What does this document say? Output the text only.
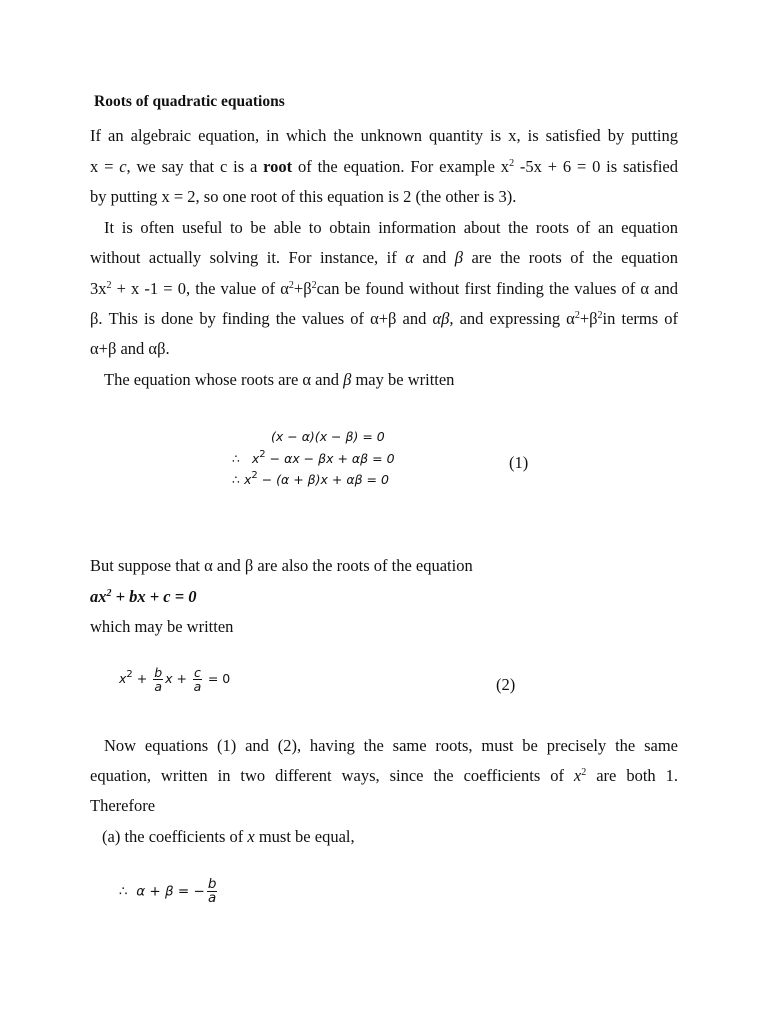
Roots of quadratic equations
If an algebraic equation, in which the unknown quantity is x, is satisfied by putting
x = c, we say that c is a root of the equation. For example $x^2$ -5x + 6 = 0 is satisfied
by putting x = 2, so one root of this equation is 2 (the other is 3).
It is often useful to be able to obtain information about the roots of an equation
without actually solving it. For instance, if α and β are the roots of the equation
$3x^2 + x$ -1 = 0, the value of $\alpha^2+\beta^2can$ be found without first finding the values of α and
β. This is done by finding the values of α+β and αβ, and expressing $\alpha^2+\beta^2in$ terms of
α+β and αβ.
The equation whose roots are α and β may be written
(x − α)(x − β) = 0
∴ $x^2 - \alpha x - \beta x + \alpha\beta = 0$
∴ $x^2 - (\alpha + \beta)x + \alpha\beta = 0$
(1)
But suppose that α and β are also the roots of the equation
$ax^2$ + bx + c = 0
which may be written
$x^2 + \frac{b}{a}$ $x + \frac{c}{a} = 0$	(2)
Now equations (1) and (2), having the same roots, must be precisely the same
equation, written in two different ways, since the coefficients of $x^2$ are both 1.
Therefore
(a) the coefficients of x must be equal,
∴ α + β = − $\frac{b}{a}$
